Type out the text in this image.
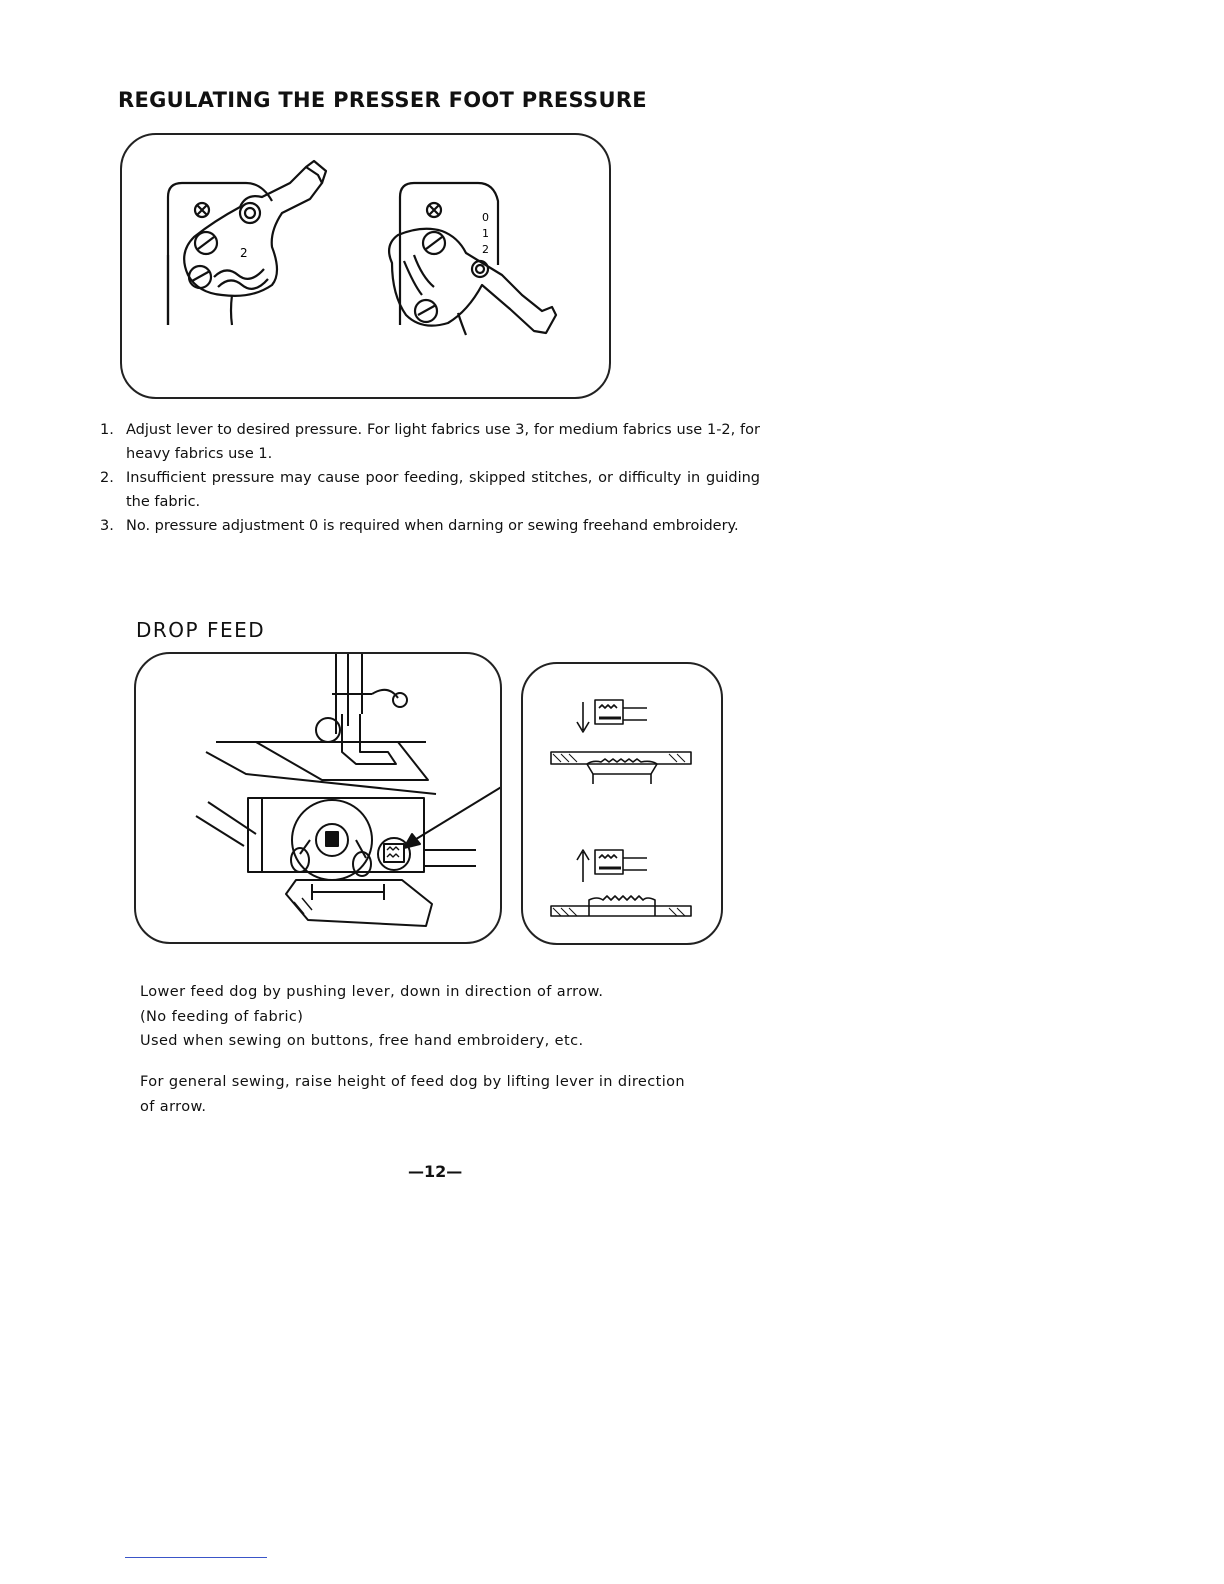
REGULATING THE PRESSER FOOT PRESSURE
2
0
1
2
1. Adjust lever to desired pressure. For light fabrics use 3, for medium fabrics use 1-2, for heavy fabrics use 1.
2. Insufficient pressure may cause poor feeding, skipped stitches, or difficulty in guiding the fabric.
3. No. pressure adjustment 0 is required when darning or sewing freehand embroidery.
DROP FEED
Lower feed dog by pushing lever, down in direction of arrow.
(No feeding of fabric)
Used when sewing on buttons, free hand embroidery, etc.
For general sewing, raise height of feed dog by lifting lever in direction of arrow.
—12—
